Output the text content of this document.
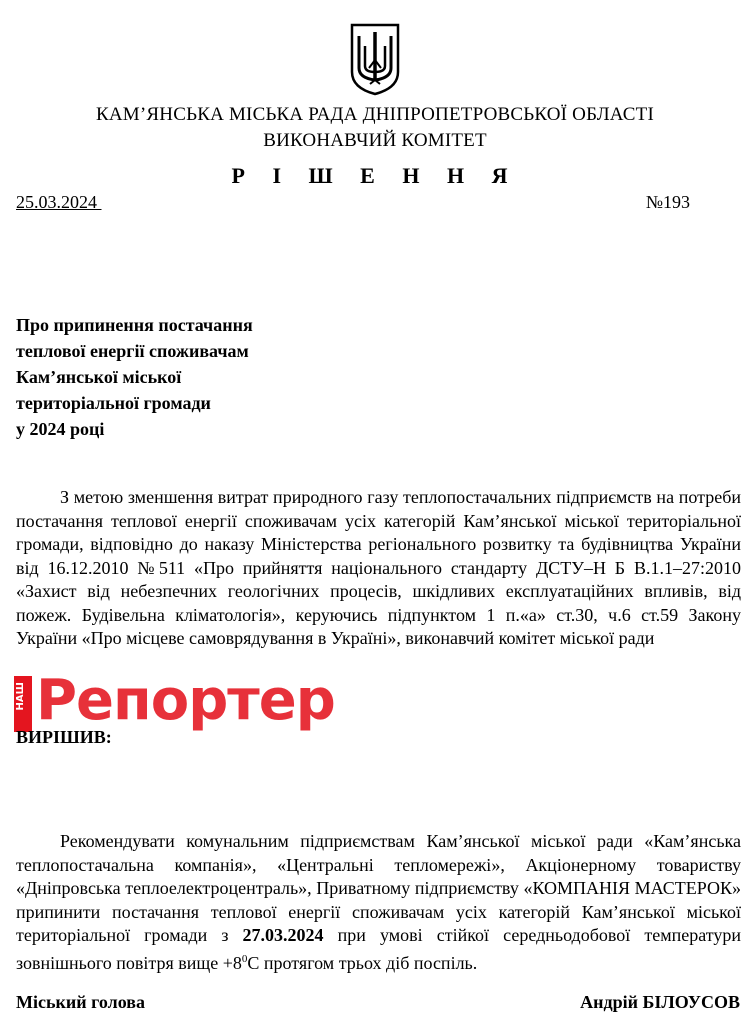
КАМ’ЯНСЬКА МІСЬКА РАДА ДНІПРОПЕТРОВСЬКОЇ ОБЛАСТІ
ВИКОНАВЧИЙ КОМІТЕТ
Р І Ш Е Н Н Я
25.03.2024	№193
Про припинення постачання
теплової енергії споживачам
Кам’янської міської
територіальної громади
у 2024 році

З метою зменшення витрат природного газу теплопостачальних підприємств на потреби постачання теплової енергії споживачам усіх категорій Кам’янської міської територіальної громади, відповідно до наказу Міністерства регіонального розвитку та будівництва України від 16.12.2010 №511 «Про прийняття національного стандарту ДСТУ–Н Б В.1.1–27:2010 «Захист від небезпечних геологічних процесів, шкідливих експлуатаційних впливів, від пожеж. Будівельна кліматологія», керуючись підпунктом 1 п.«а» ст.30, ч.6 ст.59 Закону України «Про місцеве самоврядування в Україні», виконавчий комітет міської ради

НАШ Репортер
ВИРІШИВ:

Рекомендувати комунальним підприємствам Кам’янської міської ради «Кам’янська теплопостачальна компанія», «Центральні тепломережі», Акціонерному товариству «Дніпровська теплоелектроцентраль», Приватному підприємству «КОМПАНІЯ МАСТЕРОК» припинити постачання теплової енергії споживачам усіх категорій Кам’янської міської територіальної громади з 27.03.2024 при умові стійкої середньодобової температури зовнішнього повітря вище $+8^0С$ протягом трьох діб поспіль.

Міський голова	Андрій БІЛОУСОВ
